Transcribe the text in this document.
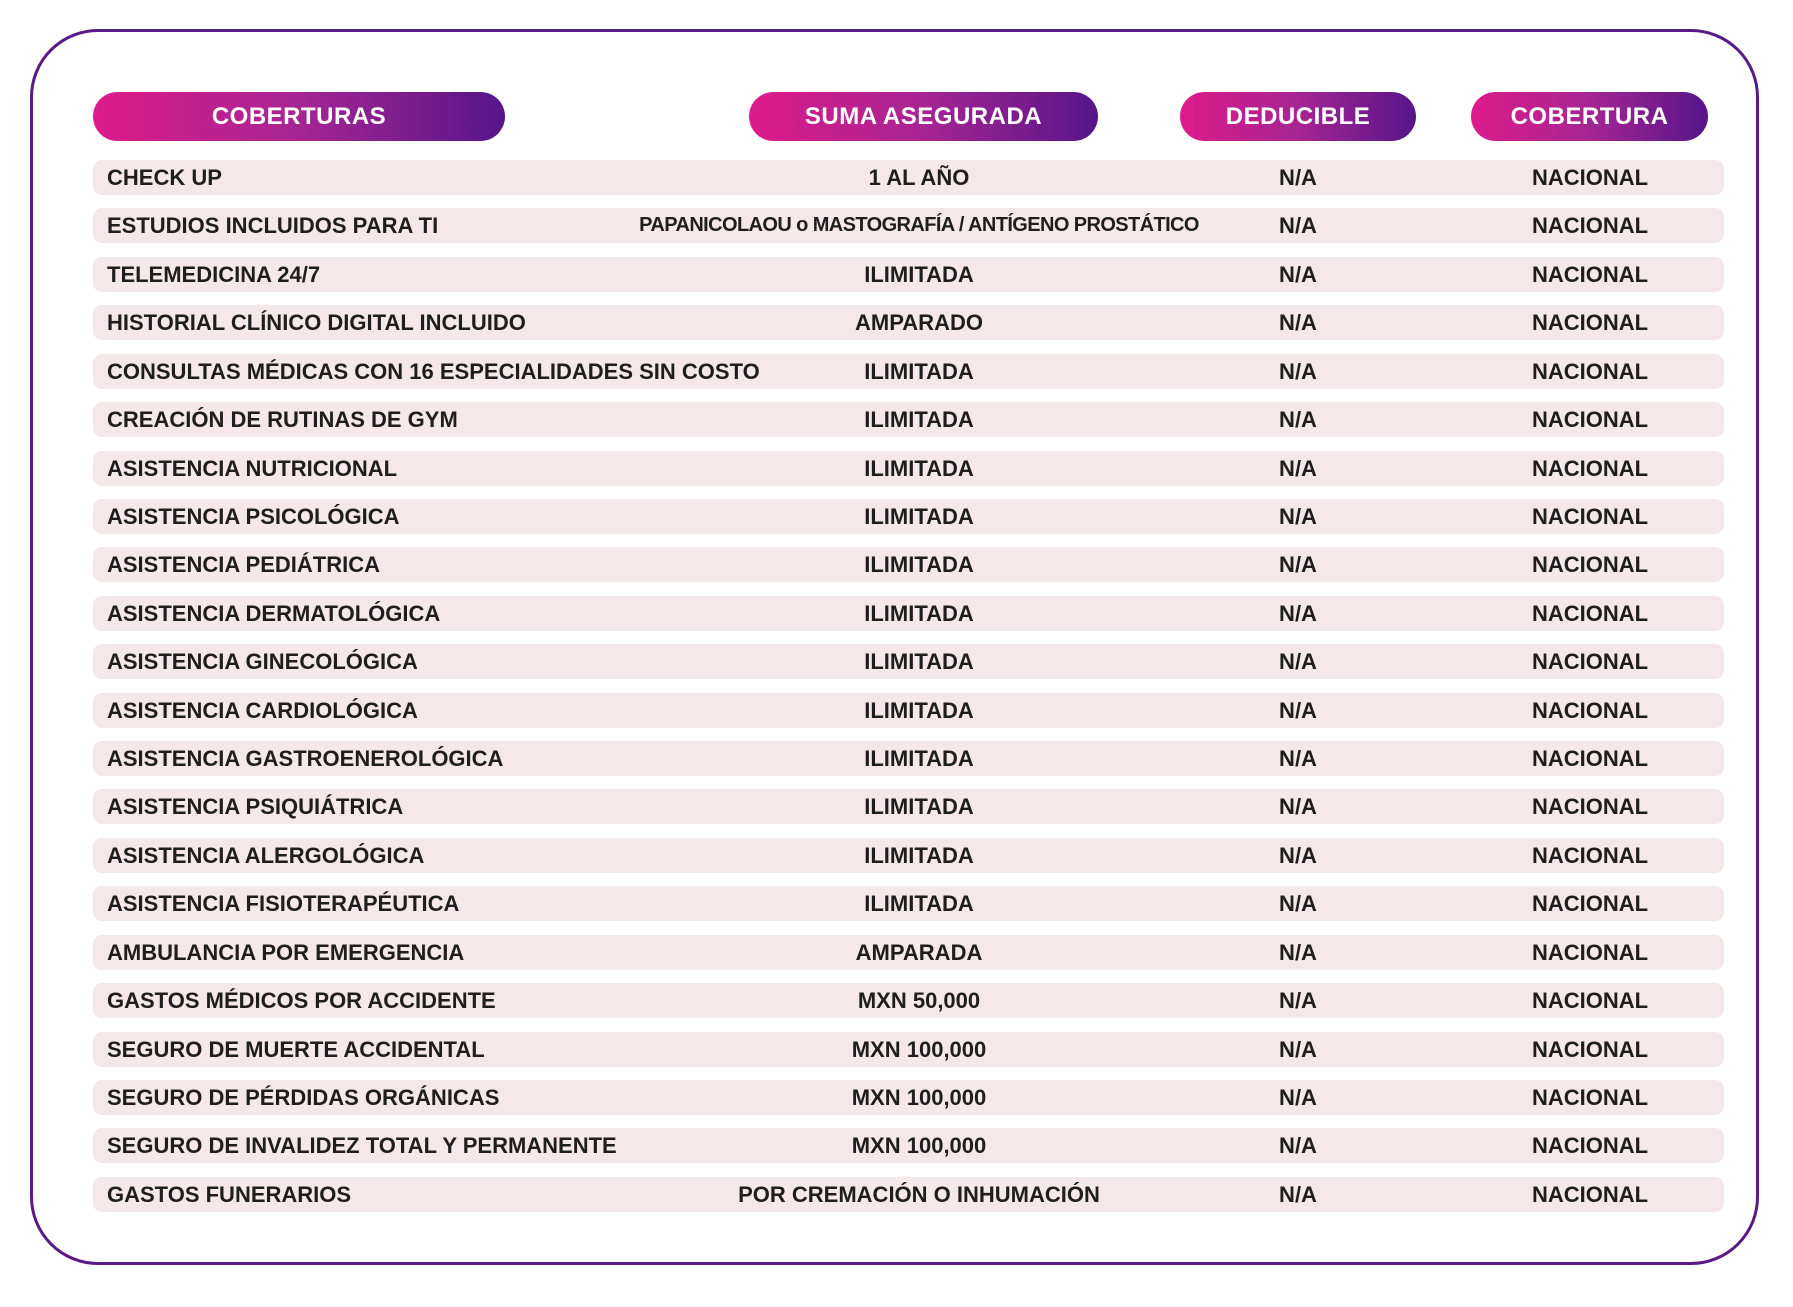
COBERTURAS	SUMA ASEGURADA	DEDUCIBLE	COBERTURA
CHECK UP	1 AL AÑO	N/A	NACIONAL
ESTUDIOS INCLUIDOS PARA TI	PAPANICOLAOU o MASTOGRAFÍA / ANTÍGENO PROSTÁTICO	N/A	NACIONAL
TELEMEDICINA 24/7	ILIMITADA	N/A	NACIONAL
HISTORIAL CLÍNICO DIGITAL INCLUIDO	AMPARADO	N/A	NACIONAL
CONSULTAS MÉDICAS CON 16 ESPECIALIDADES SIN COSTO	ILIMITADA	N/A	NACIONAL
CREACIÓN DE RUTINAS DE GYM	ILIMITADA	N/A	NACIONAL
ASISTENCIA NUTRICIONAL	ILIMITADA	N/A	NACIONAL
ASISTENCIA PSICOLÓGICA	ILIMITADA	N/A	NACIONAL
ASISTENCIA PEDIÁTRICA	ILIMITADA	N/A	NACIONAL
ASISTENCIA DERMATOLÓGICA	ILIMITADA	N/A	NACIONAL
ASISTENCIA GINECOLÓGICA	ILIMITADA	N/A	NACIONAL
ASISTENCIA CARDIOLÓGICA	ILIMITADA	N/A	NACIONAL
ASISTENCIA GASTROENEROLÓGICA	ILIMITADA	N/A	NACIONAL
ASISTENCIA PSIQUIÁTRICA	ILIMITADA	N/A	NACIONAL
ASISTENCIA ALERGOLÓGICA	ILIMITADA	N/A	NACIONAL
ASISTENCIA FISIOTERAPÉUTICA	ILIMITADA	N/A	NACIONAL
AMBULANCIA POR EMERGENCIA	AMPARADA	N/A	NACIONAL
GASTOS MÉDICOS POR ACCIDENTE	MXN 50,000	N/A	NACIONAL
SEGURO DE MUERTE ACCIDENTAL	MXN 100,000	N/A	NACIONAL
SEGURO DE PÉRDIDAS ORGÁNICAS	MXN 100,000	N/A	NACIONAL
SEGURO DE INVALIDEZ TOTAL Y PERMANENTE	MXN 100,000	N/A	NACIONAL
GASTOS FUNERARIOS	POR CREMACIÓN O INHUMACIÓN	N/A	NACIONAL
